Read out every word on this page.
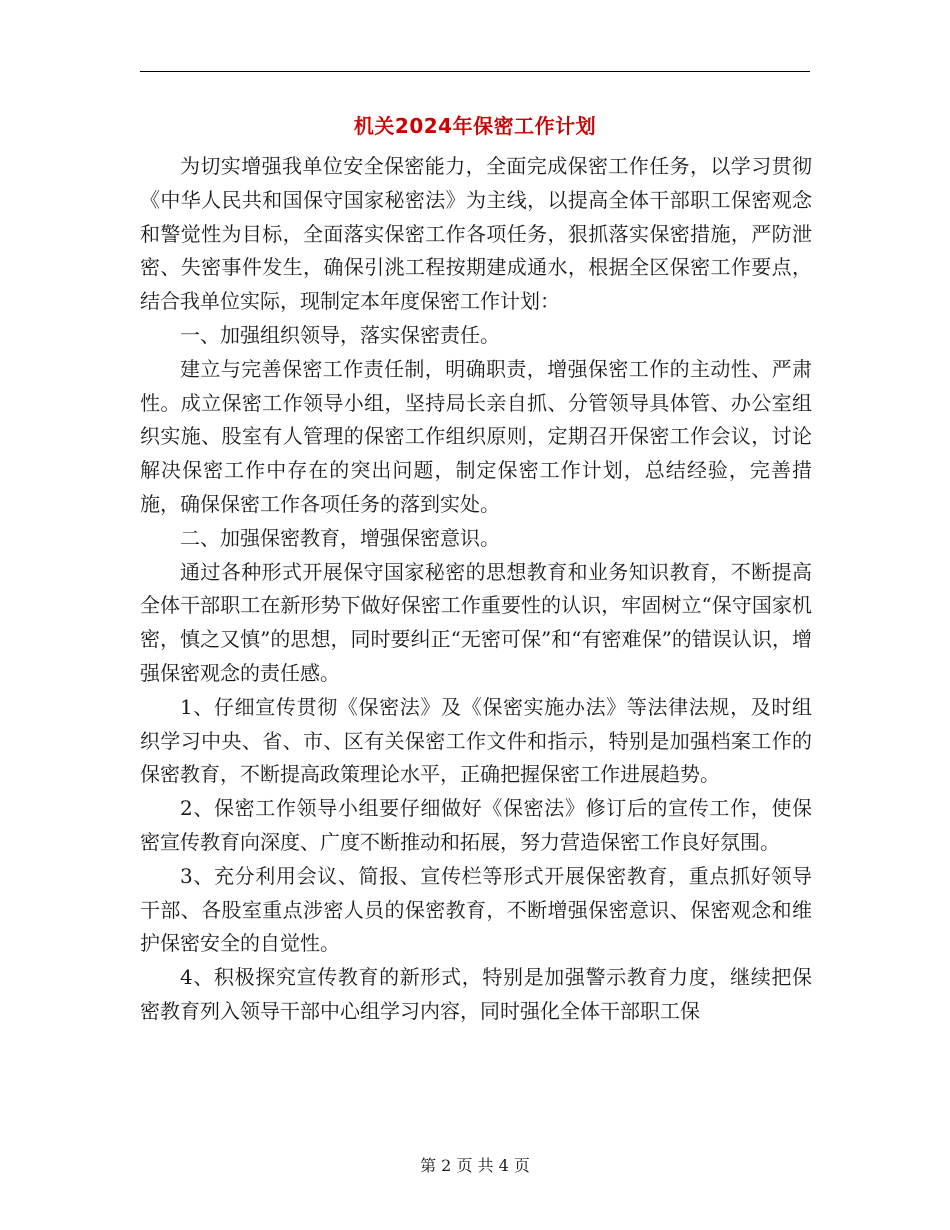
机关2024年保密工作计划

为切实增强我单位安全保密能力，全面完成保密工作任务，以学习贯彻《中华人民共和国保守国家秘密法》为主线，以提高全体干部职工保密观念和警觉性为目标，全面落实保密工作各项任务，狠抓落实保密措施，严防泄密、失密事件发生，确保引洮工程按期建成通水，根据全区保密工作要点，结合我单位实际，现制定本年度保密工作计划：

一、加强组织领导，落实保密责任。

建立与完善保密工作责任制，明确职责，增强保密工作的主动性、严肃性。成立保密工作领导小组，坚持局长亲自抓、分管领导具体管、办公室组织实施、股室有人管理的保密工作组织原则，定期召开保密工作会议，讨论解决保密工作中存在的突出问题，制定保密工作计划，总结经验，完善措施，确保保密工作各项任务的落到实处。

二、加强保密教育，增强保密意识。

通过各种形式开展保守国家秘密的思想教育和业务知识教育，不断提高全体干部职工在新形势下做好保密工作重要性的认识，牢固树立“保守国家机密，慎之又慎”的思想，同时要纠正“无密可保”和“有密难保”的错误认识，增强保密观念的责任感。

1、仔细宣传贯彻《保密法》及《保密实施办法》等法律法规，及时组织学习中央、省、市、区有关保密工作文件和指示，特别是加强档案工作的保密教育，不断提高政策理论水平，正确把握保密工作进展趋势。

2、保密工作领导小组要仔细做好《保密法》修订后的宣传工作，使保密宣传教育向深度、广度不断推动和拓展，努力营造保密工作良好氛围。

3、充分利用会议、简报、宣传栏等形式开展保密教育，重点抓好领导干部、各股室重点涉密人员的保密教育，不断增强保密意识、保密观念和维护保密安全的自觉性。

4、积极探究宣传教育的新形式，特别是加强警示教育力度，继续把保密教育列入领导干部中心组学习内容，同时强化全体干部职工保

第 2 页 共 4 页
